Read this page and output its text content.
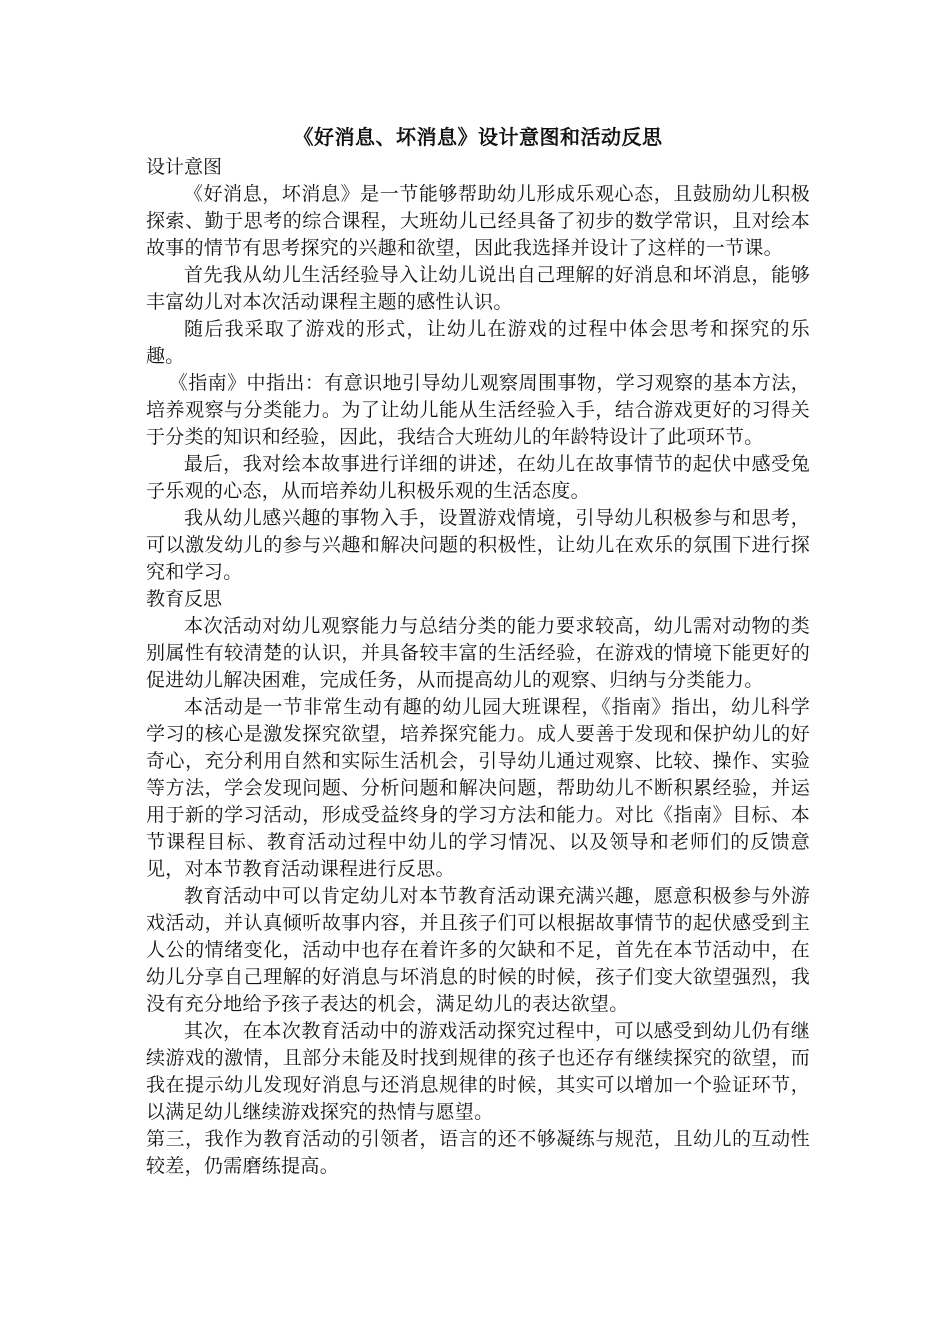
《好消息、坏消息》设计意图和活动反思

设计意图

《好消息，坏消息》是一节能够帮助幼儿形成乐观心态，且鼓励幼儿积极探索、勤于思考的综合课程，大班幼儿已经具备了初步的数学常识，且对绘本故事的情节有思考探究的兴趣和欲望，因此我选择并设计了这样的一节课。

首先我从幼儿生活经验导入让幼儿说出自己理解的好消息和坏消息，能够丰富幼儿对本次活动课程主题的感性认识。

随后我采取了游戏的形式，让幼儿在游戏的过程中体会思考和探究的乐趣。

《指南》中指出：有意识地引导幼儿观察周围事物，学习观察的基本方法，培养观察与分类能力。为了让幼儿能从生活经验入手，结合游戏更好的习得关于分类的知识和经验，因此，我结合大班幼儿的年龄特设计了此项环节。

最后，我对绘本故事进行详细的讲述，在幼儿在故事情节的起伏中感受兔子乐观的心态，从而培养幼儿积极乐观的生活态度。

我从幼儿感兴趣的事物入手，设置游戏情境，引导幼儿积极参与和思考，可以激发幼儿的参与兴趣和解决问题的积极性，让幼儿在欢乐的氛围下进行探究和学习。

教育反思

本次活动对幼儿观察能力与总结分类的能力要求较高，幼儿需对动物的类别属性有较清楚的认识，并具备较丰富的生活经验，在游戏的情境下能更好的促进幼儿解决困难，完成任务，从而提高幼儿的观察、归纳与分类能力。

本活动是一节非常生动有趣的幼儿园大班课程，《指南》指出，幼儿科学学习的核心是激发探究欲望，培养探究能力。成人要善于发现和保护幼儿的好奇心，充分利用自然和实际生活机会，引导幼儿通过观察、比较、操作、实验等方法，学会发现问题、分析问题和解决问题，帮助幼儿不断积累经验，并运用于新的学习活动，形成受益终身的学习方法和能力。对比《指南》目标、本节课程目标、教育活动过程中幼儿的学习情况、以及领导和老师们的反馈意见，对本节教育活动课程进行反思。

教育活动中可以肯定幼儿对本节教育活动课充满兴趣，愿意积极参与外游戏活动，并认真倾听故事内容，并且孩子们可以根据故事情节的起伏感受到主人公的情绪变化，活动中也存在着许多的欠缺和不足，首先在本节活动中，在幼儿分享自己理解的好消息与坏消息的时候的时候，孩子们变大欲望强烈，我没有充分地给予孩子表达的机会，满足幼儿的表达欲望。

其次，在本次教育活动中的游戏活动探究过程中，可以感受到幼儿仍有继续游戏的激情，且部分未能及时找到规律的孩子也还存有继续探究的欲望，而我在提示幼儿发现好消息与还消息规律的时候，其实可以增加一个验证环节，以满足幼儿继续游戏探究的热情与愿望。

第三，我作为教育活动的引领者，语言的还不够凝练与规范，且幼儿的互动性较差，仍需磨练提高。
